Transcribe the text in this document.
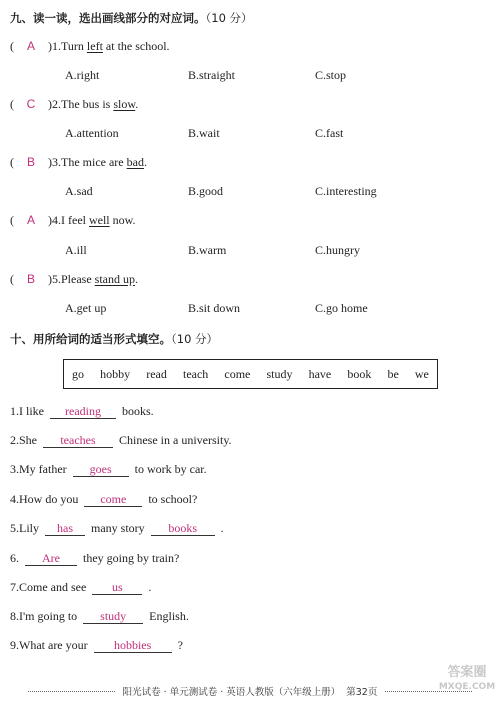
九、读一读，选出画线部分的对应词。（10 分）
( A )1.Turn left at the school.
A.right	B.straight	C.stop
( C )2.The bus is slow.
A.attention	B.wait	C.fast
( B )3.The mice are bad.
A.sad	B.good	C.interesting
( A )4.I feel well now.
A.ill	B.warm	C.hungry
( B )5.Please stand up.
A.get up	B.sit down	C.go home
十、用所给词的适当形式填空。（10 分）
go hobby read teach come study have book be we
1.I like reading books.
2.She teaches Chinese in a university.
3.My father goes to work by car.
4.How do you come to school?
5.Lily has many story books .
6. Are they going by train?
7.Come and see us .
8.I'm going to study English.
9.What are your hobbies ?
阳光试卷 · 单元测试卷 · 英语人教版（六年级上册） 第32页
答案圈
MXQE.COM
